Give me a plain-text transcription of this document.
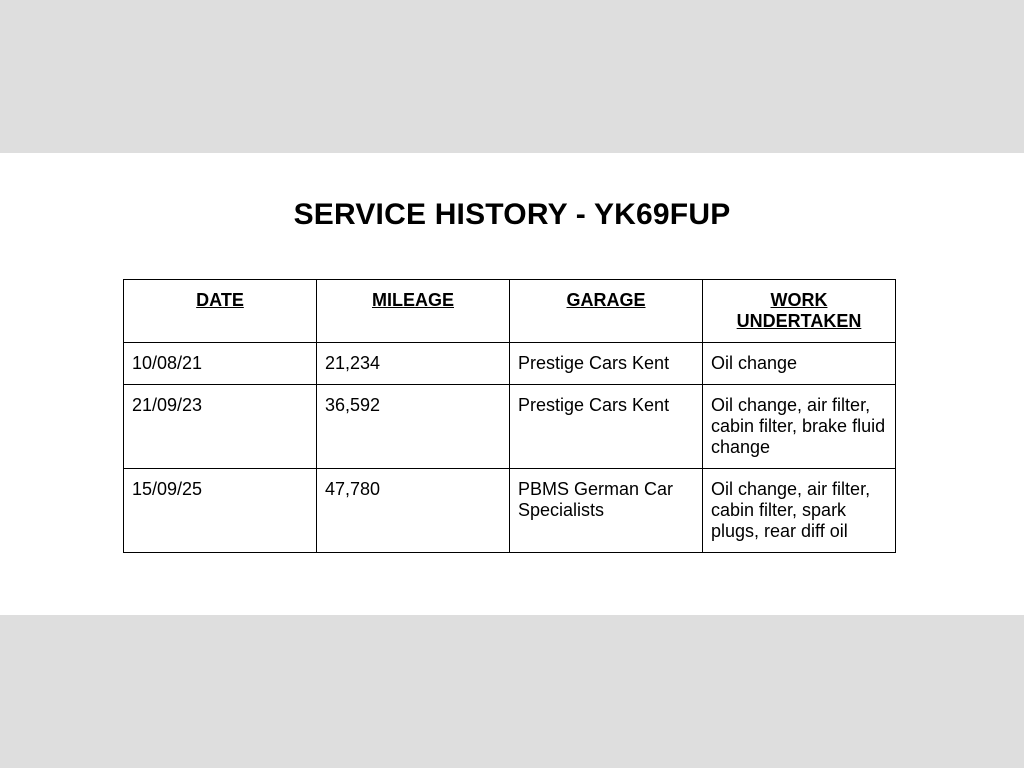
SERVICE HISTORY - YK69FUP
DATE	MILEAGE	GARAGE	WORK UNDERTAKEN
10/08/21	21,234	Prestige Cars Kent	Oil change
21/09/23	36,592	Prestige Cars Kent	Oil change, air filter, cabin filter, brake fluid change
15/09/25	47,780	PBMS German Car Specialists	Oil change, air filter, cabin filter, spark plugs, rear diff oil
